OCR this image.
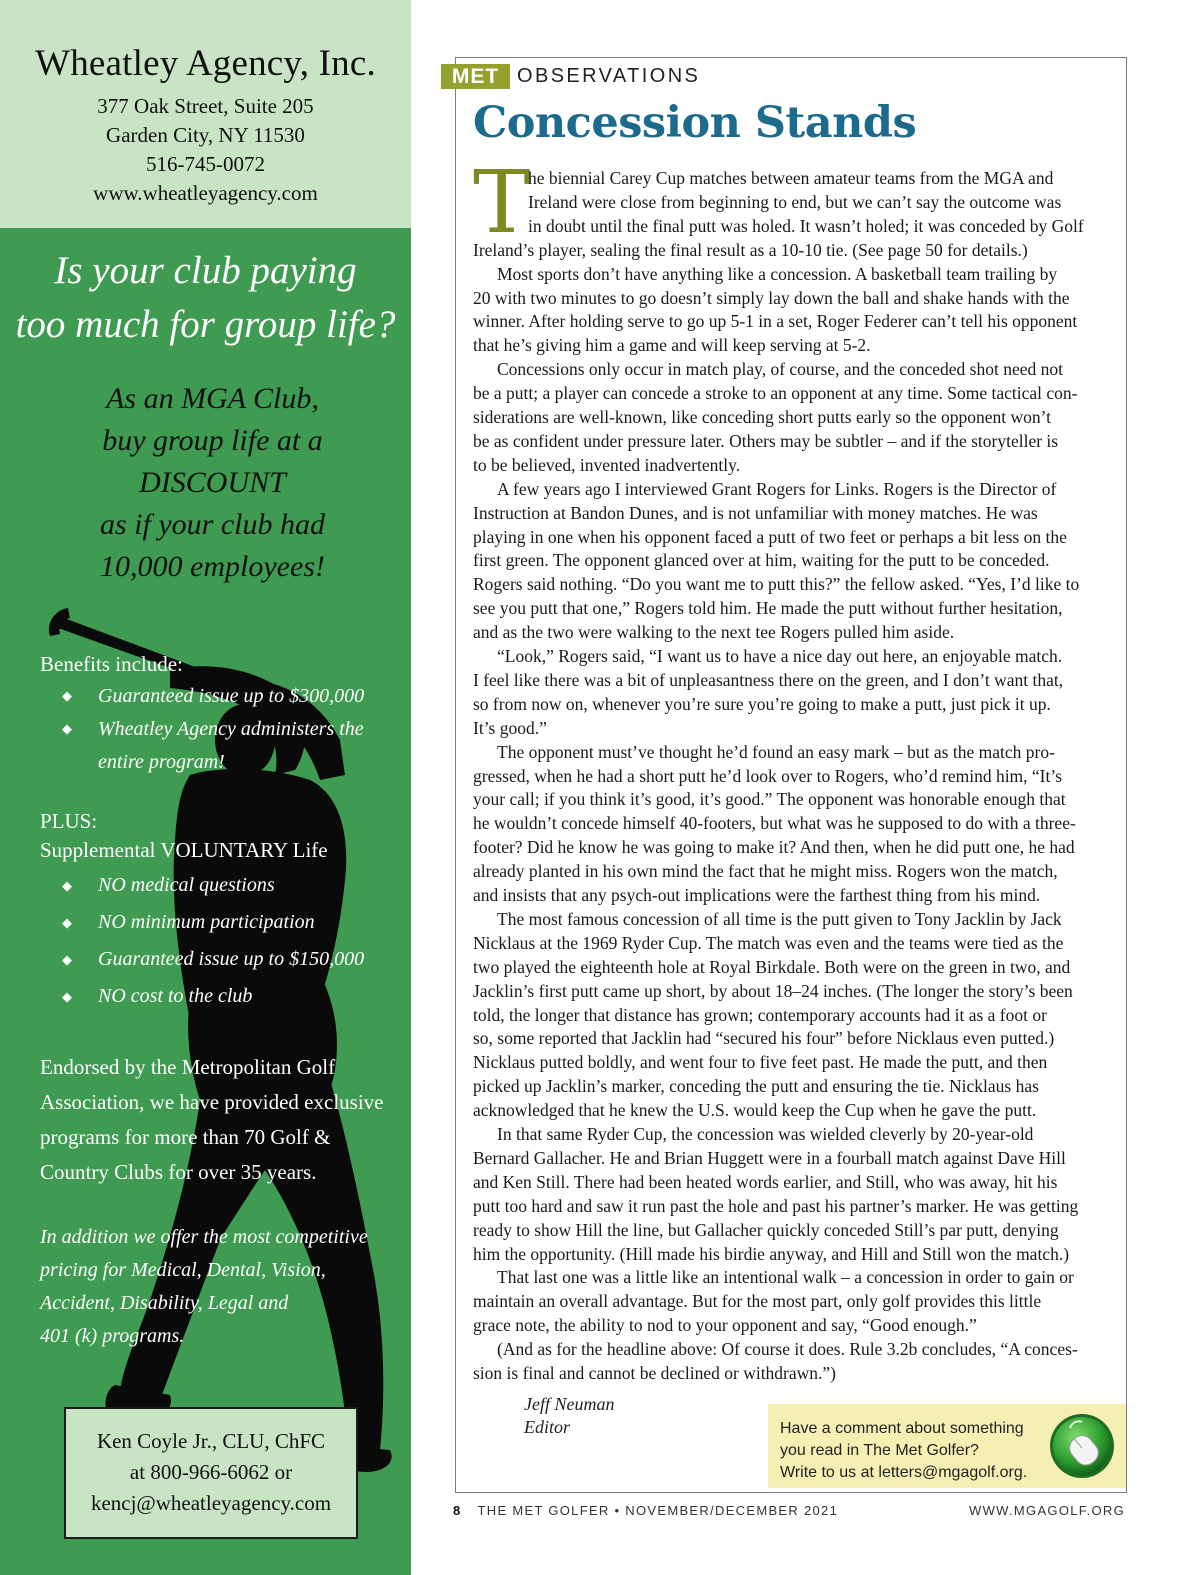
Wheatley Agency, Inc.
377 Oak Street, Suite 205
Garden City, NY 11530
516-745-0072
www.wheatleyagency.com
Is your club paying
too much for group life?
As an MGA Club,
buy group life at a
DISCOUNT
as if your club had
10,000 employees!
Benefits include:
◆ Guaranteed issue up to $300,000
◆ Wheatley Agency administers the
entire program!
PLUS:
Supplemental VOLUNTARY Life
◆ NO medical questions
◆ NO minimum participation
◆ Guaranteed issue up to $150,000
◆ NO cost to the club
Endorsed by the Metropolitan Golf
Association, we have provided exclusive
programs for more than 70 Golf &
Country Clubs for over 35 years.
In addition we offer the most competitive
pricing for Medical, Dental, Vision,
Accident, Disability, Legal and
401 (k) programs.
Ken Coyle Jr., CLU, ChFC
at 800-966-6062 or
kencj@wheatleyagency.com
MET OBSERVATIONS
Concession Stands
T
he biennial Carey Cup matches between amateur teams from the MGA and
Ireland were close from beginning to end, but we can’t say the outcome was
in doubt until the final putt was holed. It wasn’t holed; it was conceded by Golf
Ireland’s player, sealing the final result as a 10-10 tie. (See page 50 for details.)
Most sports don’t have anything like a concession. A basketball team trailing by
20 with two minutes to go doesn’t simply lay down the ball and shake hands with the
winner. After holding serve to go up 5-1 in a set, Roger Federer can’t tell his opponent
that he’s giving him a game and will keep serving at 5-2.
Concessions only occur in match play, of course, and the conceded shot need not
be a putt; a player can concede a stroke to an opponent at any time. Some tactical con-
siderations are well-known, like conceding short putts early so the opponent won’t
be as confident under pressure later. Others may be subtler – and if the storyteller is
to be believed, invented inadvertently.
A few years ago I interviewed Grant Rogers for Links. Rogers is the Director of
Instruction at Bandon Dunes, and is not unfamiliar with money matches. He was
playing in one when his opponent faced a putt of two feet or perhaps a bit less on the
first green. The opponent glanced over at him, waiting for the putt to be conceded.
Rogers said nothing. “Do you want me to putt this?” the fellow asked. “Yes, I’d like to
see you putt that one,” Rogers told him. He made the putt without further hesitation,
and as the two were walking to the next tee Rogers pulled him aside.
“Look,” Rogers said, “I want us to have a nice day out here, an enjoyable match.
I feel like there was a bit of unpleasantness there on the green, and I don’t want that,
so from now on, whenever you’re sure you’re going to make a putt, just pick it up.
It’s good.”
The opponent must’ve thought he’d found an easy mark – but as the match pro-
gressed, when he had a short putt he’d look over to Rogers, who’d remind him, “It’s
your call; if you think it’s good, it’s good.” The opponent was honorable enough that
he wouldn’t concede himself 40-footers, but what was he supposed to do with a three-
footer? Did he know he was going to make it? And then, when he did putt one, he had
already planted in his own mind the fact that he might miss. Rogers won the match,
and insists that any psych-out implications were the farthest thing from his mind.
The most famous concession of all time is the putt given to Tony Jacklin by Jack
Nicklaus at the 1969 Ryder Cup. The match was even and the teams were tied as the
two played the eighteenth hole at Royal Birkdale. Both were on the green in two, and
Jacklin’s first putt came up short, by about 18–24 inches. (The longer the story’s been
told, the longer that distance has grown; contemporary accounts had it as a foot or
so, some reported that Jacklin had “secured his four” before Nicklaus even putted.)
Nicklaus putted boldly, and went four to five feet past. He made the putt, and then
picked up Jacklin’s marker, conceding the putt and ensuring the tie. Nicklaus has
acknowledged that he knew the U.S. would keep the Cup when he gave the putt.
In that same Ryder Cup, the concession was wielded cleverly by 20-year-old
Bernard Gallacher. He and Brian Huggett were in a fourball match against Dave Hill
and Ken Still. There had been heated words earlier, and Still, who was away, hit his
putt too hard and saw it run past the hole and past his partner’s marker. He was getting
ready to show Hill the line, but Gallacher quickly conceded Still’s par putt, denying
him the opportunity. (Hill made his birdie anyway, and Hill and Still won the match.)
That last one was a little like an intentional walk – a concession in order to gain or
maintain an overall advantage. But for the most part, only golf provides this little
grace note, the ability to nod to your opponent and say, “Good enough.”
(And as for the headline above: Of course it does. Rule 3.2b concludes, “A conces-
sion is final and cannot be declined or withdrawn.”)
Jeff Neuman
Editor	Have a comment about something
you read in The Met Golfer?
Write to us at letters@mgagolf.org.
8 THE MET GOLFER • NOVEMBER/DECEMBER 2021	WWW.MGAGOLF.ORG
